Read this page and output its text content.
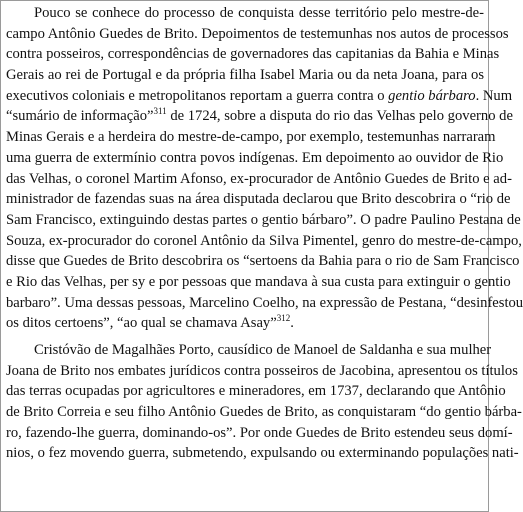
Pouco se conhece do processo de conquista desse território pelo mestre-de-
campo Antônio Guedes de Brito. Depoimentos de testemunhas nos autos de processos
contra posseiros, correspondências de governadores das capitanias da Bahia e Minas
Gerais ao rei de Portugal e da própria filha Isabel Maria ou da neta Joana, para os
executivos coloniais e metropolitanos reportam a guerra contra o gentio bárbaro. Num
“sumário de informação”$^{311}$ de 1724, sobre a disputa do rio das Velhas pelo governo de
Minas Gerais e a herdeira do mestre-de-campo, por exemplo, testemunhas narraram
uma guerra de extermínio contra povos indígenas. Em depoimento ao ouvidor de Rio
das Velhas, o coronel Martim Afonso, ex-procurador de Antônio Guedes de Brito e ad-
ministrador de fazendas suas na área disputada declarou que Brito descobrira o “rio de
Sam Francisco, extinguindo destas partes o gentio bárbaro”. O padre Paulino Pestana de
Souza, ex-procurador do coronel Antônio da Silva Pimentel, genro do mestre-de-campo,
disse que Guedes de Brito descobrira os “sertoens da Bahia para o rio de Sam Francisco
e Rio das Velhas, per sy e por pessoas que mandava à sua custa para extinguir o gentio
barbaro”. Uma dessas pessoas, Marcelino Coelho, na expressão de Pestana, “desinfestou
os ditos certoens”, “ao qual se chamava Asay”$^{312}$.
Cristóvão de Magalhães Porto, causídico de Manoel de Saldanha e sua mulher
Joana de Brito nos embates jurídicos contra posseiros de Jacobina, apresentou os títulos
das terras ocupadas por agricultores e mineradores, em 1737, declarando que Antônio
de Brito Correia e seu filho Antônio Guedes de Brito, as conquistaram “do gentio bárba-
ro, fazendo-lhe guerra, dominando-os”. Por onde Guedes de Brito estendeu seus domí-
nios, o fez movendo guerra, submetendo, expulsando ou exterminando populações nati-
